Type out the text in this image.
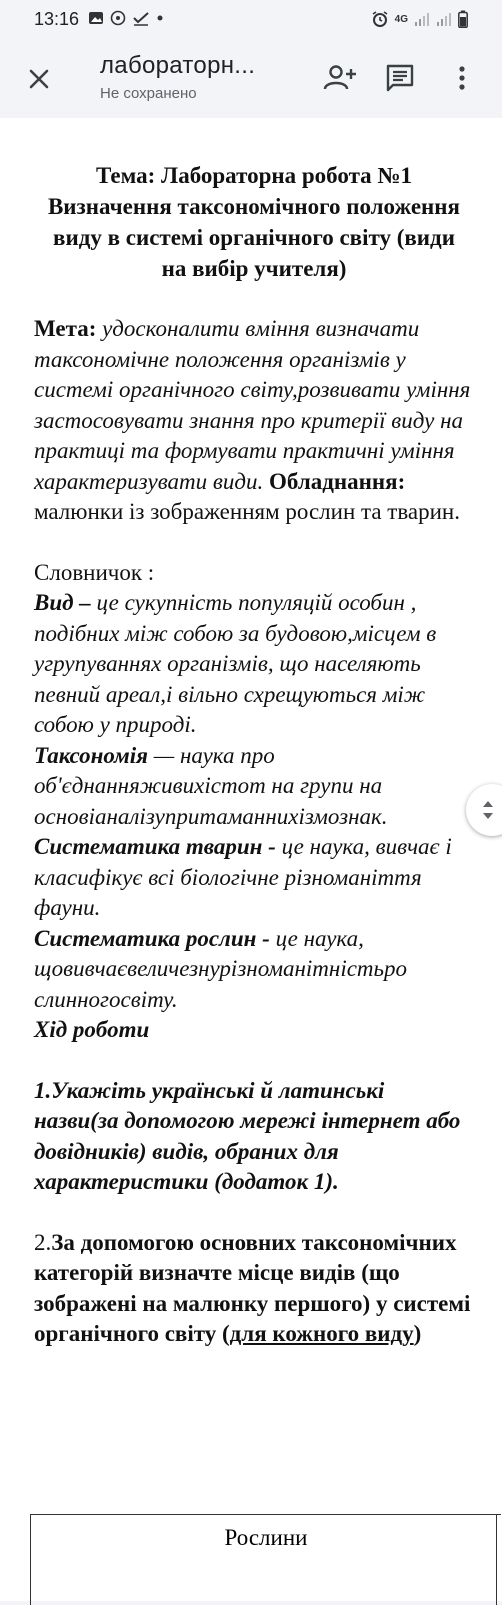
13:16	4G
лабораторн...
Не сохранено

Тема: Лабораторна робота №1 Визначення таксономічного положення виду в системі органічного світу (види на вибір учителя)

Мета: удосконалити вміння визначати таксономічне положення організмів у системі органічного світу,розвивати уміння застосовувати знання про критерії виду на практиці та формувати практичні уміння характеризувати види. Обладнання: малюнки із зображенням рослин та тварин.

Словничок :

Вид – це сукупність популяцій особин , подібних між собою за будовою,місцем в угрупуваннях організмів, що населяють певний ареал,і вільно схрещуються між собою у природі.

Таксономія — наука про об'єднанняживихістот на групи на основіаналізупритаманнихізмознак.

Систематика тварин - це наука, вивчає і класифікує всі біологічне різноманіття фауни.

Систематика рослин - це наука, щовивчаєвеличезнурізноманітністьро слинногосвіту.

Хід роботи

1.Укажіть українські й латинські назви(за допомогою мережі інтернет або довідників) видів, обраних для характеристики (додаток 1).

2.За допомогою основних таксономічних категорій визначте місце видів (що зображені на малюнку першого) у системі органічного світу (для кожного виду)

Рослини
